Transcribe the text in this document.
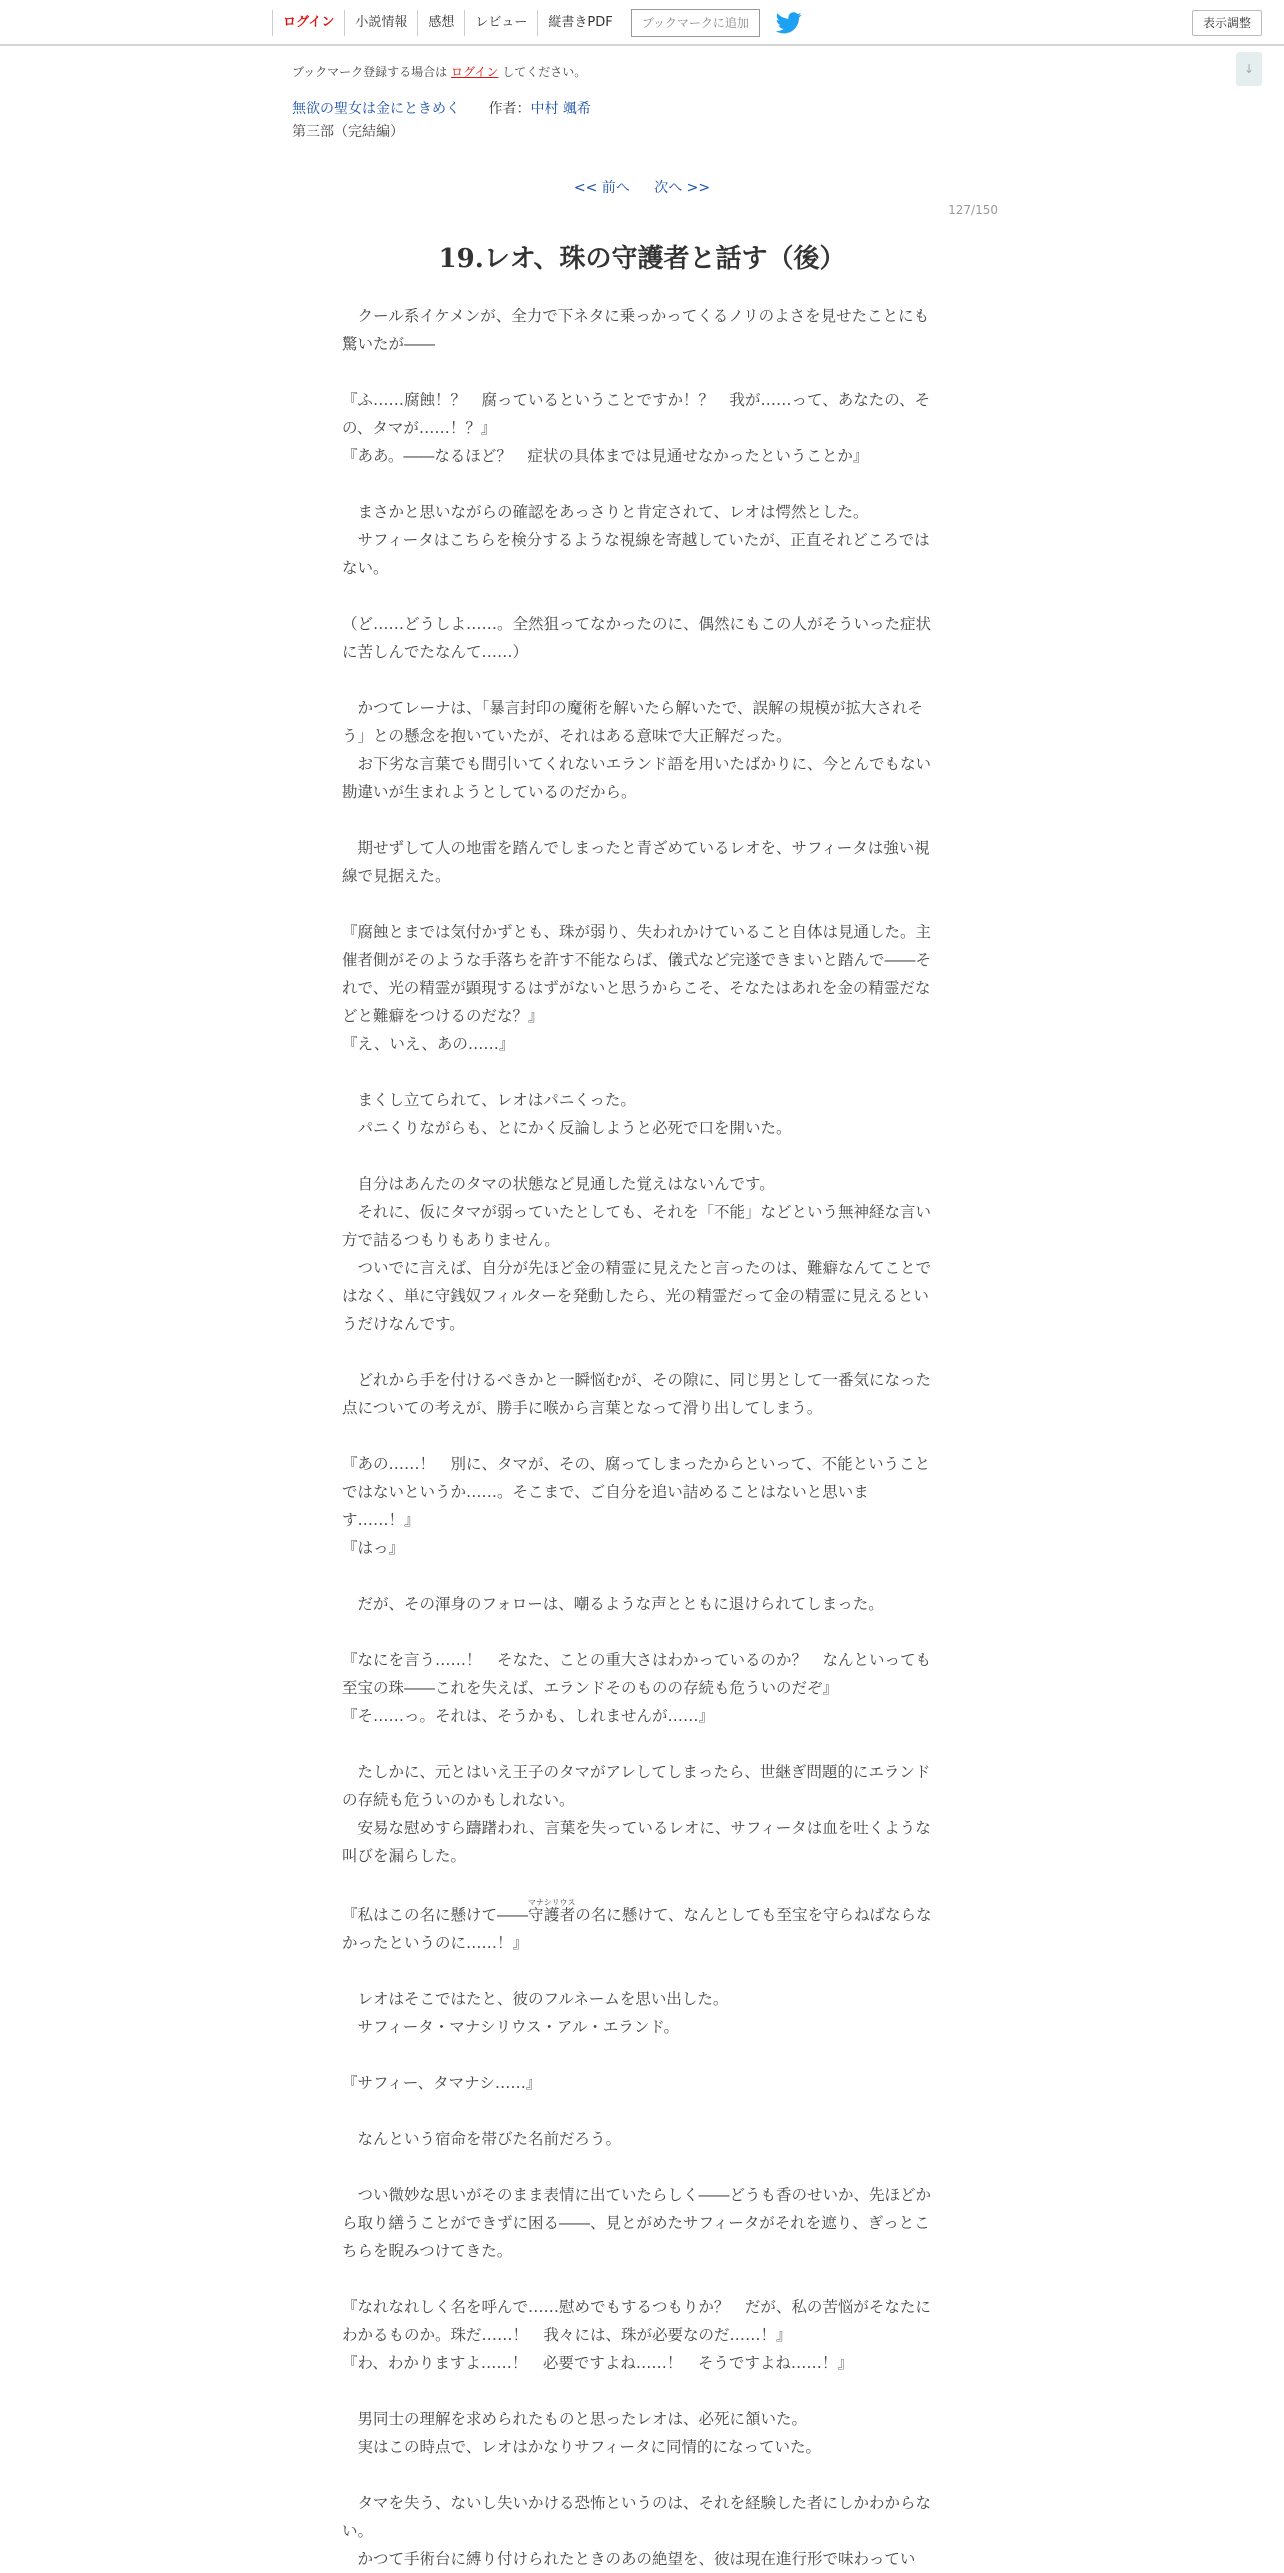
ログイン	小説情報	感想	レビュー	縦書きPDF	ブックマークに追加	表示調整
↓
ブックマーク登録する場合は ログイン してください。
無欲の聖女は金にときめく 作者：中村 颯希
第三部（完結編）
<< 前へ 次へ >>
127/150
19.レオ、珠の守護者と話す（後）

　クール系イケメンが、全力で下ネタに乗っかってくるノリのよさを見せたことにも驚いたが――

『ふ……腐蝕！？　腐っているということですか！？　我が……って、あなたの、その、タマが……！？』

『ああ。――なるほど？　症状の具体までは見通せなかったということか』

　まさかと思いながらの確認をあっさりと肯定されて、レオは愕然とした。

　サフィータはこちらを検分するような視線を寄越していたが、正直それどころではない。

（ど……どうしよ……。全然狙ってなかったのに、偶然にもこの人がそういった症状に苦しんでたなんて……）

　かつてレーナは、「暴言封印の魔術を解いたら解いたで、誤解の規模が拡大されそう」との懸念を抱いていたが、それはある意味で大正解だった。

　お下劣な言葉でも間引いてくれないエランド語を用いたばかりに、今とんでもない勘違いが生まれようとしているのだから。

　期せずして人の地雷を踏んでしまったと青ざめているレオを、サフィータは強い視線で見据えた。

『腐蝕とまでは気付かずとも、珠が弱り、失われかけていること自体は見通した。主催者側がそのような手落ちを許す不能ならば、儀式など完遂できまいと踏んで――それで、光の精霊が顕現するはずがないと思うからこそ、そなたはあれを金の精霊だなどと難癖をつけるのだな？』

『え、いえ、あの……』

　まくし立てられて、レオはパニくった。

　パニくりながらも、とにかく反論しようと必死で口を開いた。

　自分はあんたのタマの状態など見通した覚えはないんです。

　それに、仮にタマが弱っていたとしても、それを「不能」などという無神経な言い方で詰るつもりもありません。

　ついでに言えば、自分が先ほど金の精霊に見えたと言ったのは、難癖なんてことではなく、単に守銭奴フィルターを発動したら、光の精霊だって金の精霊に見えるというだけなんです。

　どれから手を付けるべきかと一瞬悩むが、その隙に、同じ男として一番気になった点についての考えが、勝手に喉から言葉となって滑り出してしまう。

『あの……！　別に、タマが、その、腐ってしまったからといって、不能ということではないというか……。そこまで、ご自分を追い詰めることはないと思います……！』

『はっ』

　だが、その渾身のフォローは、嘲るような声とともに退けられてしまった。

『なにを言う……！　そなた、ことの重大さはわかっているのか？　なんといっても至宝の珠――これを失えば、エランドそのものの存続も危ういのだぞ』

『そ……っ。それは、そうかも、しれませんが……』

　たしかに、元とはいえ王子のタマがアレしてしまったら、世継ぎ問題的にエランドの存続も危ういのかもしれない。

　安易な慰めすら躊躇われ、言葉を失っているレオに、サフィータは血を吐くような叫びを漏らした。

『私はこの名に懸けて――守護者マナシリウスの名に懸けて、なんとしても至宝を守らねばならなかったというのに……！』

　レオはそこではたと、彼のフルネームを思い出した。

　サフィータ・マナシリウス・アル・エランド。

『サフィー、タマナシ……』

　なんという宿命を帯びた名前だろう。

　つい微妙な思いがそのまま表情に出ていたらしく――どうも香のせいか、先ほどから取り繕うことができずに困る――、見とがめたサフィータがそれを遮り、ぎっとこちらを睨みつけてきた。

『なれなれしく名を呼んで……慰めでもするつもりか？　だが、私の苦悩がそなたにわかるものか。珠だ……！　我々には、珠が必要なのだ……！』

『わ、わかりますよ……！　必要ですよね……！　そうですよね……！』

　男同士の理解を求められたものと思ったレオは、必死に頷いた。

　実はこの時点で、レオはかなりサフィータに同情的になっていた。

　タマを失う、ないし失いかける恐怖というのは、それを経験した者にしかわからない。

　かつて手術台に縛り付けられたときのあの絶望を、彼は現在進行形で味わってい
